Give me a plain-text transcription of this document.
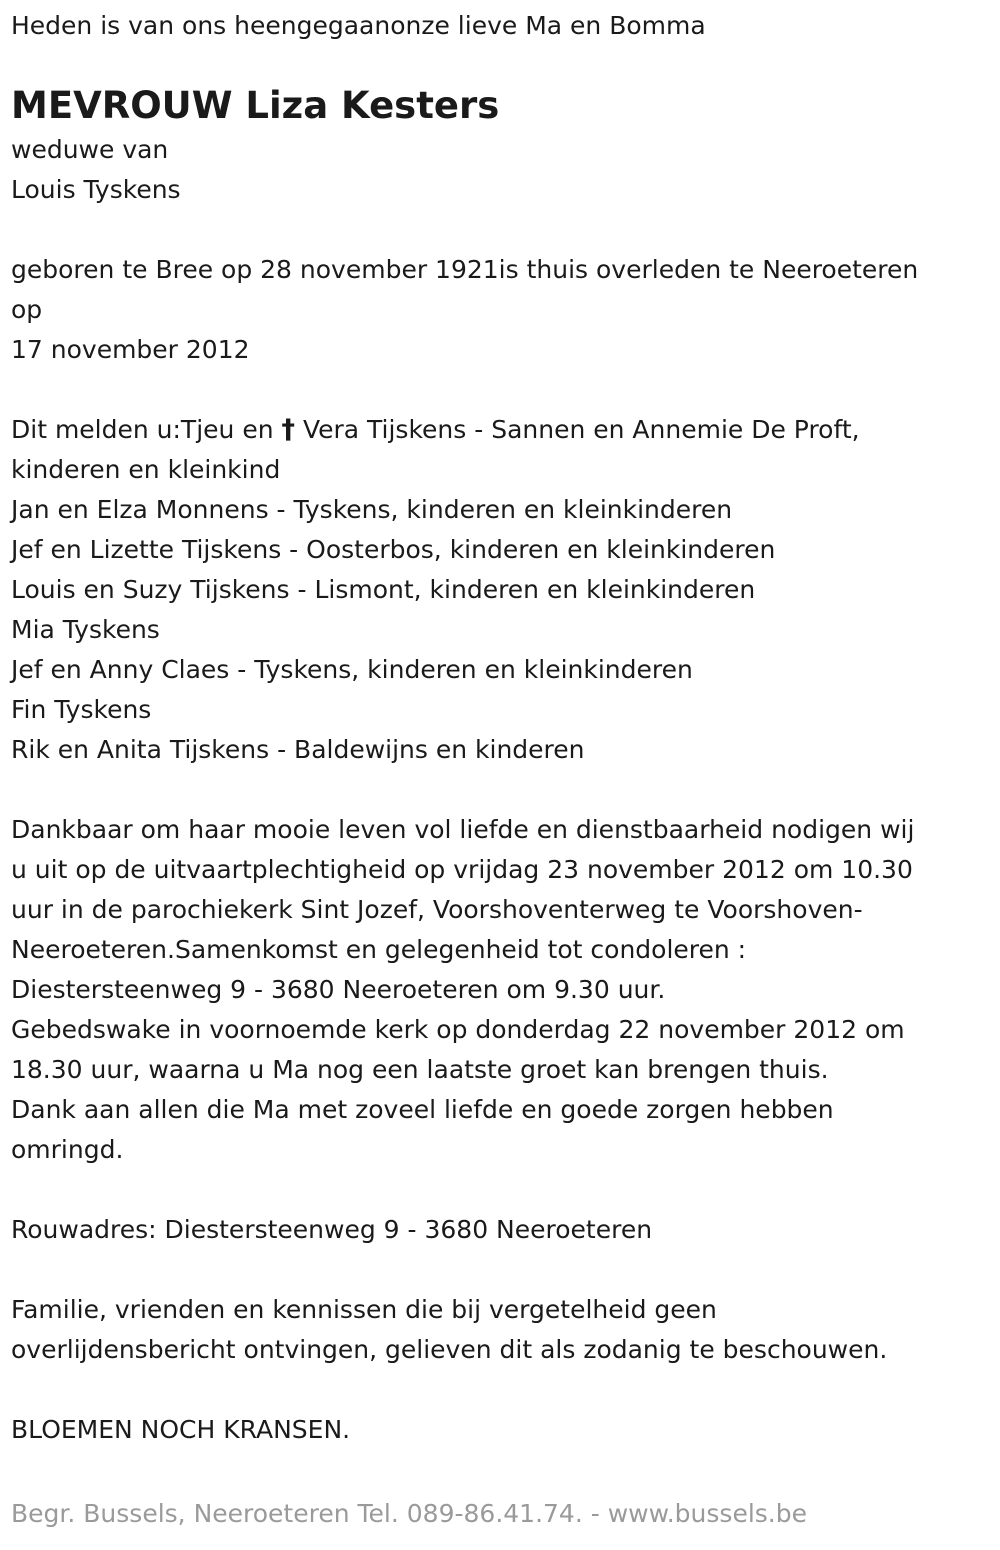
Heden is van ons heengegaanonze lieve Ma en Bomma

MEVROUW Liza Kesters

weduwe van

Louis Tyskens

geboren te Bree op 28 november 1921is thuis overleden te Neeroeteren

op

17 november 2012

Dit melden u:Tjeu en † Vera Tijskens - Sannen en Annemie De Proft,

kinderen en kleinkind

Jan en Elza Monnens - Tyskens, kinderen en kleinkinderen

Jef en Lizette Tijskens - Oosterbos, kinderen en kleinkinderen

Louis en Suzy Tijskens - Lismont, kinderen en kleinkinderen

Mia Tyskens

Jef en Anny Claes - Tyskens, kinderen en kleinkinderen

Fin Tyskens

Rik en Anita Tijskens - Baldewijns en kinderen

Dankbaar om haar mooie leven vol liefde en dienstbaarheid nodigen wij

u uit op de uitvaartplechtigheid op vrijdag 23 november 2012 om 10.30

uur in de parochiekerk Sint Jozef, Voorshoventerweg te Voorshoven-

Neeroeteren.Samenkomst en gelegenheid tot condoleren :

Diestersteenweg 9 - 3680 Neeroeteren om 9.30 uur.

Gebedswake in voornoemde kerk op donderdag 22 november 2012 om

18.30 uur, waarna u Ma nog een laatste groet kan brengen thuis.

Dank aan allen die Ma met zoveel liefde en goede zorgen hebben

omringd.

Rouwadres: Diestersteenweg 9 - 3680 Neeroeteren

Familie, vrienden en kennissen die bij vergetelheid geen

overlijdensbericht ontvingen, gelieven dit als zodanig te beschouwen.

BLOEMEN NOCH KRANSEN.

Begr. Bussels, Neeroeteren Tel. 089-86.41.74. - www.bussels.be
